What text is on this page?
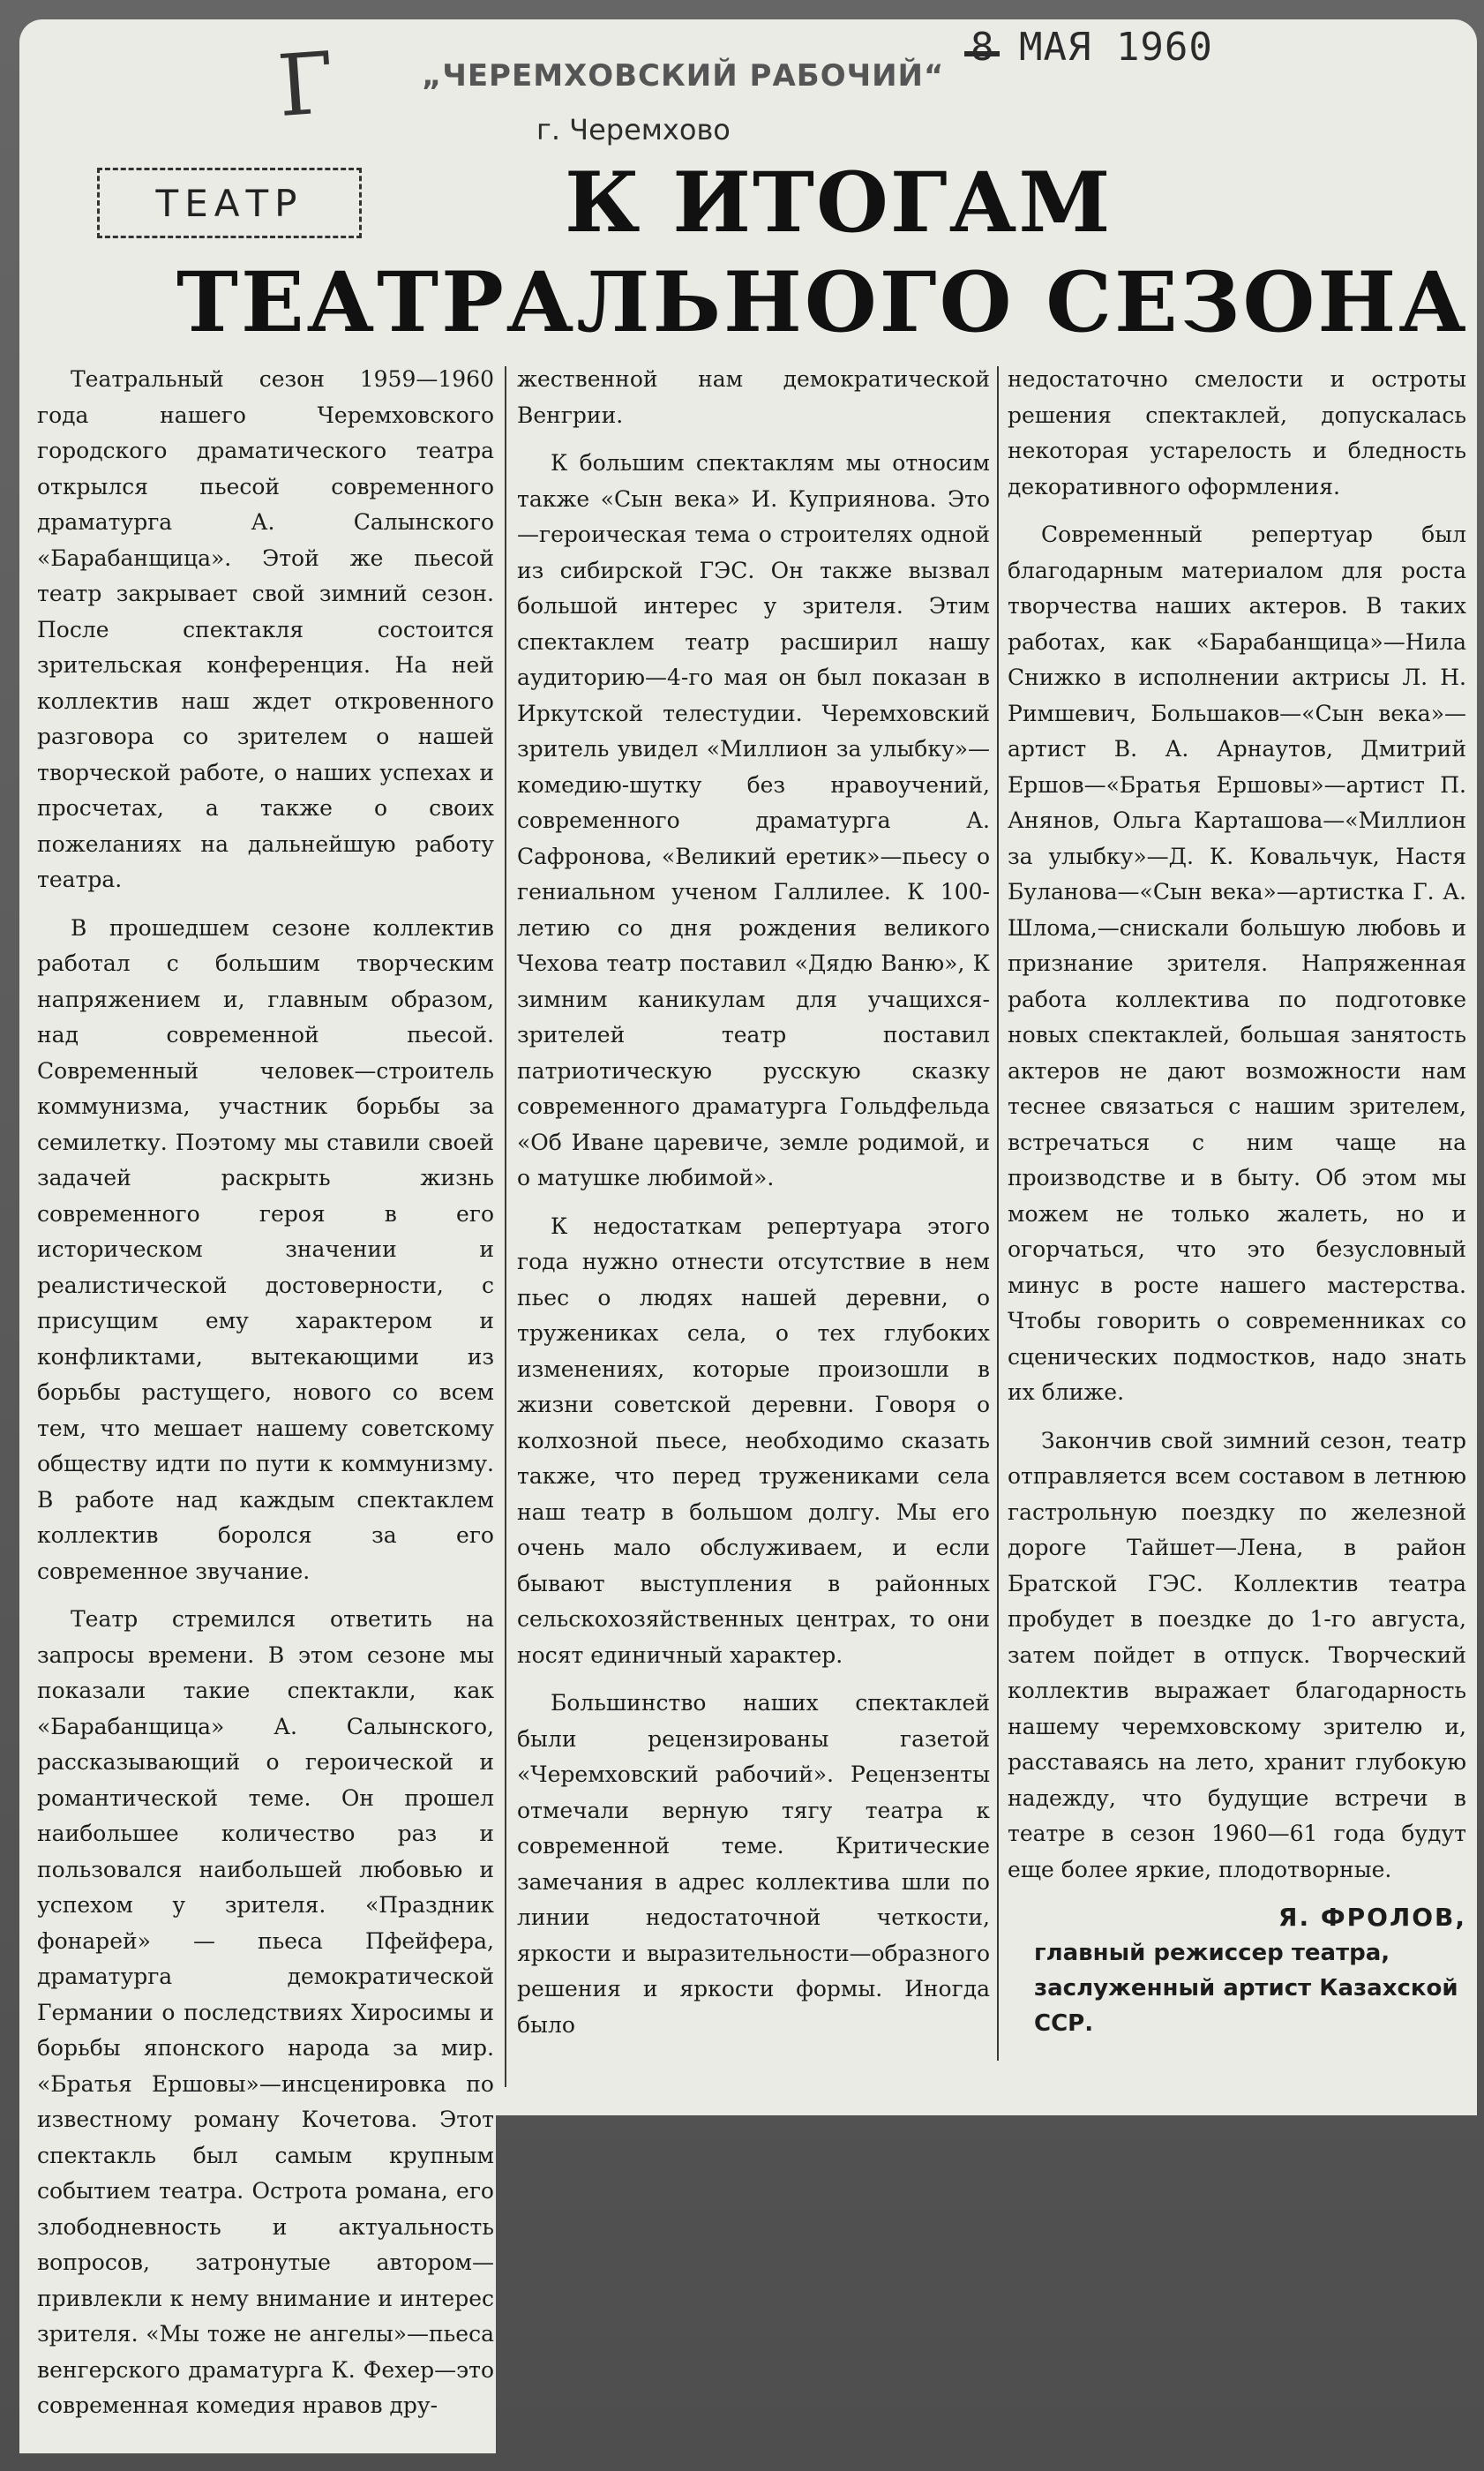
Г	„ЧЕРЕМХОВСКИЙ РАБОЧИЙ“
г. Черемхово
8 МАЯ 1960
ТЕАТР	К ИТОГАМ
ТЕАТРАЛЬНОГО СЕЗОНА

Театральный сезон 1959—1960 года нашего Черемховского городского драматического театра открылся пьесой современного драматурга А. Салынского «Барабанщица». Этой же пьесой театр закрывает свой зимний сезон. После спектакля состоится зрительская конференция. На ней коллектив наш ждет откровенного разговора со зрителем о нашей творческой работе, о наших успехах и просчетах, а также о своих пожеланиях на дальнейшую работу театра.

В прошедшем сезоне коллектив работал с большим творческим напряжением и, главным образом, над современной пьесой. Современный человек—строитель коммунизма, участник борьбы за семилетку. Поэтому мы ставили своей задачей раскрыть жизнь современного героя в его историческом значении и реалистической достоверности, с присущим ему характером и конфликтами, вытекающими из борьбы растущего, нового со всем тем, что мешает нашему советскому обществу идти по пути к коммунизму. В работе над каждым спектаклем коллектив боролся за его современное звучание.

Театр стремился ответить на запросы времени. В этом сезоне мы показали такие спектакли, как «Барабанщица» А. Салынского, рассказывающий о героической и романтической теме. Он прошел наибольшее количество раз и пользовался наибольшей любовью и успехом у зрителя. «Праздник фонарей» — пьеса Пфейфера, драматурга демократической Германии о последствиях Хиросимы и борьбы японского народа за мир. «Братья Ершовы»—инсценировка по известному роману Кочетова. Этот спектакль был самым крупным событием театра. Острота романа, его злободневность и актуальность вопросов, затронутые автором—привлекли к нему внимание и интерес зрителя. «Мы тоже не ангелы»—пьеса венгерского драматурга К. Фехер—это современная комедия нравов дру-

жественной нам демократической Венгрии.

К большим спектаклям мы относим также «Сын века» И. Куприянова. Это—героическая тема о строителях одной из сибирской ГЭС. Он также вызвал большой интерес у зрителя. Этим спектаклем театр расширил нашу аудиторию—4-го мая он был показан в Иркутской телестудии. Черемховский зритель увидел «Миллион за улыбку»—комедию-шутку без нравоучений, современного драматурга А. Сафронова, «Великий еретик»—пьесу о гениальном ученом Галлилее. К 100-летию со дня рождения великого Чехова театр поставил «Дядю Ваню», К зимним каникулам для учащихся-зрителей театр поставил патриотическую русскую сказку современного драматурга Гольдфельда «Об Иване царевиче, земле родимой, и о матушке любимой».

К недостаткам репертуара этого года нужно отнести отсутствие в нем пьес о людях нашей деревни, о тружениках села, о тех глубоких изменениях, которые произошли в жизни советской деревни. Говоря о колхозной пьесе, необходимо сказать также, что перед тружениками села наш театр в большом долгу. Мы его очень мало обслуживаем, и если бывают выступления в районных сельскохозяйственных центрах, то они носят единичный характер.

Большинство наших спектаклей были рецензированы газетой «Черемховский рабочий». Рецензенты отмечали верную тягу театра к современной теме. Критические замечания в адрес коллектива шли по линии недостаточной четкости, яркости и выразительности—образного решения и яркости формы. Иногда было

недостаточно смелости и остроты решения спектаклей, допускалась некоторая устарелость и бледность декоративного оформления.

Современный репертуар был благодарным материалом для роста творчества наших актеров. В таких работах, как «Барабанщица»—Нила Снижко в исполнении актрисы Л. Н. Римшевич, Большаков—«Сын века»—артист В. А. Арнаутов, Дмитрий Ершов—«Братья Ершовы»—артист П. Анянов, Ольга Карташова—«Миллион за улыбку»—Д. К. Ковальчук, Настя Буланова—«Сын века»—артистка Г. А. Шлома,—снискали большую любовь и признание зрителя. Напряженная работа коллектива по подготовке новых спектаклей, большая занятость актеров не дают возможности нам теснее связаться с нашим зрителем, встречаться с ним чаще на производстве и в быту. Об этом мы можем не только жалеть, но и огорчаться, что это безусловный минус в росте нашего мастерства. Чтобы говорить о современниках со сценических подмостков, надо знать их ближе.

Закончив свой зимний сезон, театр отправляется всем составом в летнюю гастрольную поездку по железной дороге Тайшет—Лена, в район Братской ГЭС. Коллектив театра пробудет в поездке до 1-го августа, затем пойдет в отпуск. Творческий коллектив выражает благодарность нашему черемховскому зрителю и, расставаясь на лето, хранит глубокую надежду, что будущие встречи в театре в сезон 1960—61 года будут еще более яркие, плодотворные.

Я. ФРОЛОВ,
главный режиссер театра, заслуженный артист Казахской ССР.
